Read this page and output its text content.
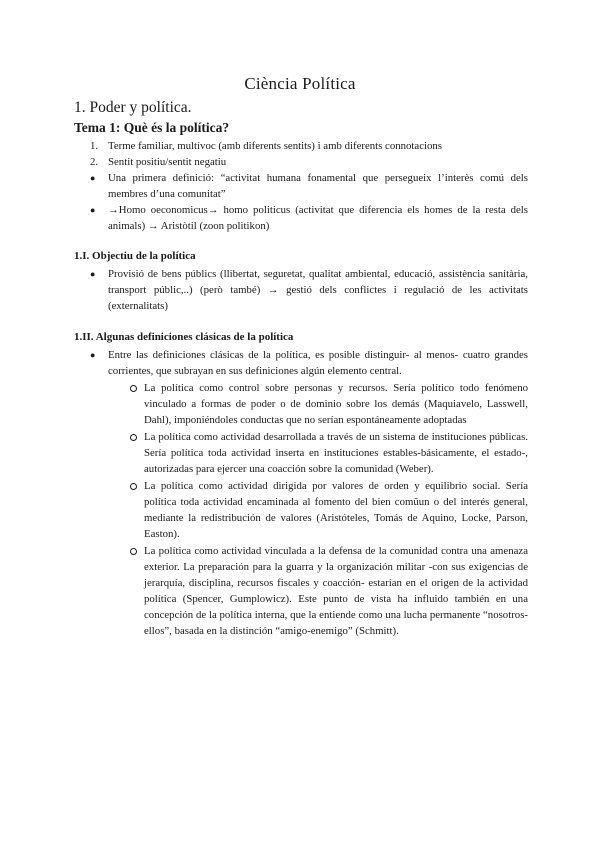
Ciència Política
1. Poder y política.
Tema 1: Què és la política?
1. Terme familiar, multívoc (amb diferents sentits) i amb diferents connotacions
2. Sentit positiu/sentit negatiu
● Una primera definició: “activitat humana fonamental que persegueix l’interès comú dels membres d’una comunitat”
● →Homo oeconomicus→ homo politicus (activitat que diferencia els homes de la resta dels animals) → Aristòtil (zoon politikon)
1.I. Objectiu de la política
● Provisió de bens públics (llibertat, seguretat, qualitat ambiental, educació, assistència sanitària, transport públic,..) (però també) → gestió dels conflictes i regulació de les activitats (externalitats)
1.II. Algunas definiciones clásicas de la política
● Entre las definiciones clásicas de la política, es posible distinguir- al menos- cuatro grandes corrientes, que subrayan en sus definiciones algún elemento central.
La política como control sobre personas y recursos. Sería político todo fenómeno vinculado a formas de poder o de dominio sobre los demás (Maquiavelo, Lasswell, Dahl), imponiéndoles conductas que no serían espontáneamente adoptadas
La política como actividad desarrollada a través de un sistema de instituciones públicas. Sería política toda actividad inserta en instituciones estables-básicamente, el estado-, autorizadas para ejercer una coacción sobre la comunidad (Weber).
La política como actividad dirigida por valores de orden y equilibrio social. Sería política toda actividad encaminada al fomento del bien comũun o del interés general, mediante la redistribución de valores (Aristóteles, Tomás de Aquino, Locke, Parson, Easton).
La política como actividad vinculada a la defensa de la comunidad contra una amenaza exterior. La preparación para la guarra y la organización militar -con sus exigencias de jerarquía, disciplina, recursos fiscales y coacción- estarían en el origen de la actividad política (Spencer, Gumplowicz). Este punto de vista ha influido también en una concepción de la política interna, que la entiende como una lucha permanente “nosotros-ellos”, basada en la distinción “amigo-enemigo” (Schmitt).
